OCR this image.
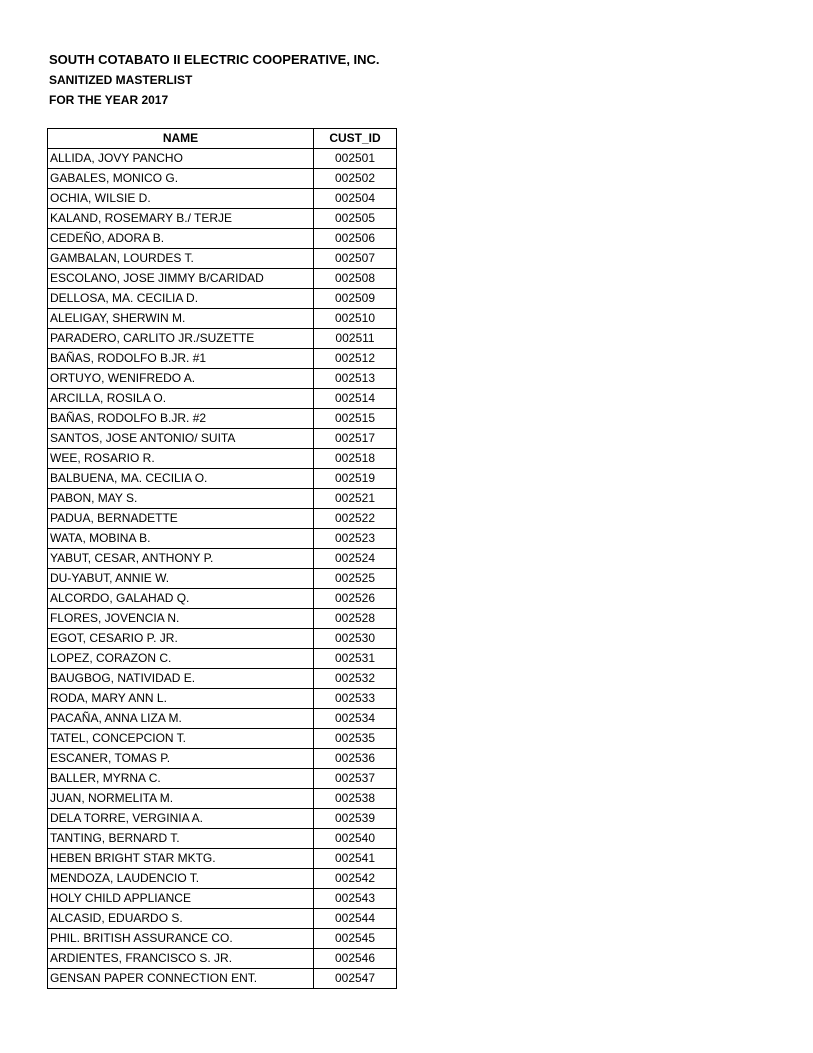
SOUTH COTABATO II ELECTRIC COOPERATIVE, INC.
SANITIZED MASTERLIST
FOR THE YEAR 2017
NAME	CUST_ID
ALLIDA, JOVY PANCHO	002501
GABALES, MONICO G.	002502
OCHIA, WILSIE D.	002504
KALAND, ROSEMARY B./ TERJE	002505
CEDEÑO, ADORA B.	002506
GAMBALAN, LOURDES T.	002507
ESCOLANO, JOSE JIMMY B/CARIDAD	002508
DELLOSA, MA. CECILIA D.	002509
ALELIGAY, SHERWIN M.	002510
PARADERO, CARLITO JR./SUZETTE	002511
BAÑAS, RODOLFO B.JR. #1	002512
ORTUYO, WENIFREDO A.	002513
ARCILLA, ROSILA O.	002514
BAÑAS, RODOLFO B.JR. #2	002515
SANTOS, JOSE ANTONIO/ SUITA	002517
WEE, ROSARIO R.	002518
BALBUENA, MA. CECILIA O.	002519
PABON, MAY S.	002521
PADUA, BERNADETTE	002522
WATA, MOBINA B.	002523
YABUT, CESAR, ANTHONY P.	002524
DU-YABUT, ANNIE W.	002525
ALCORDO, GALAHAD Q.	002526
FLORES, JOVENCIA N.	002528
EGOT, CESARIO P. JR.	002530
LOPEZ, CORAZON C.	002531
BAUGBOG, NATIVIDAD E.	002532
RODA, MARY ANN L.	002533
PACAÑA, ANNA LIZA M.	002534
TATEL, CONCEPCION T.	002535
ESCANER, TOMAS P.	002536
BALLER, MYRNA C.	002537
JUAN, NORMELITA M.	002538
DELA TORRE, VERGINIA A.	002539
TANTING, BERNARD T.	002540
HEBEN BRIGHT STAR MKTG.	002541
MENDOZA, LAUDENCIO T.	002542
HOLY CHILD APPLIANCE	002543
ALCASID, EDUARDO S.	002544
PHIL. BRITISH ASSURANCE CO.	002545
ARDIENTES, FRANCISCO S. JR.	002546
GENSAN PAPER CONNECTION ENT.	002547
